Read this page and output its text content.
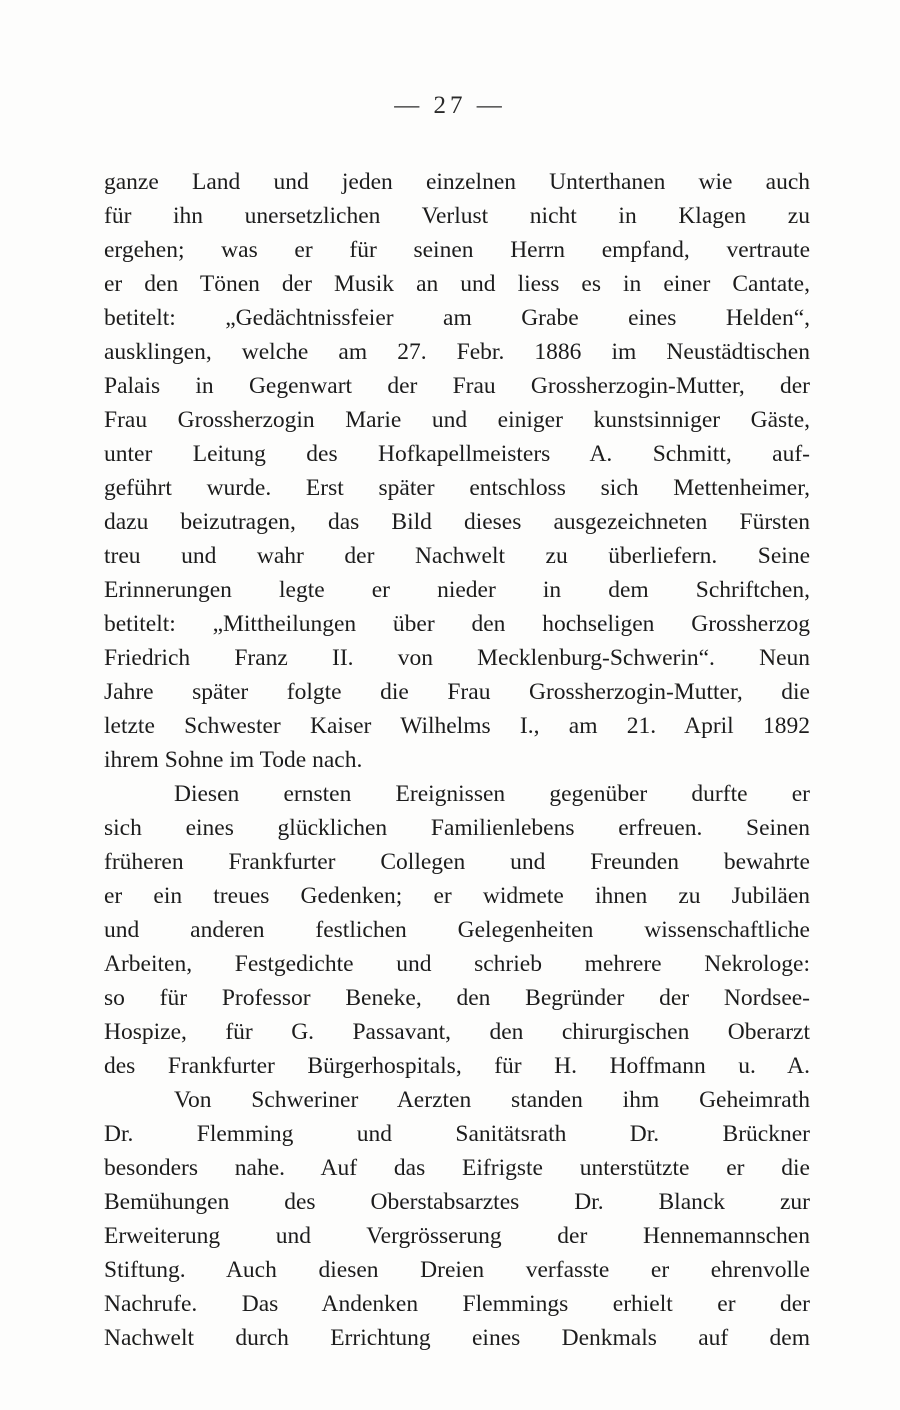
— 27 —
ganze Land und jeden einzelnen Unterthanen wie auch
für ihn unersetzlichen Verlust nicht in Klagen zu
ergehen; was er für seinen Herrn empfand, vertraute
er den Tönen der Musik an und liess es in einer Cantate,
betitelt: „Gedächtnissfeier am Grabe eines Helden“,
ausklingen, welche am 27. Febr. 1886 im Neustädtischen
Palais in Gegenwart der Frau Grossherzogin-Mutter, der
Frau Grossherzogin Marie und einiger kunstsinniger Gäste,
unter Leitung des Hofkapellmeisters A. Schmitt, auf-
geführt wurde. Erst später entschloss sich Mettenheimer,
dazu beizutragen, das Bild dieses ausgezeichneten Fürsten
treu und wahr der Nachwelt zu überliefern. Seine
Erinnerungen legte er nieder in dem Schriftchen,
betitelt: „Mittheilungen über den hochseligen Grossherzog
Friedrich Franz II. von Mecklenburg-Schwerin“. Neun
Jahre später folgte die Frau Grossherzogin-Mutter, die
letzte Schwester Kaiser Wilhelms I., am 21. April 1892
ihrem Sohne im Tode nach.
Diesen ernsten Ereignissen gegenüber durfte er
sich eines glücklichen Familienlebens erfreuen. Seinen
früheren Frankfurter Collegen und Freunden bewahrte
er ein treues Gedenken; er widmete ihnen zu Jubiläen
und anderen festlichen Gelegenheiten wissenschaftliche
Arbeiten, Festgedichte und schrieb mehrere Nekrologe:
so für Professor Beneke, den Begründer der Nordsee-
Hospize, für G. Passavant, den chirurgischen Oberarzt
des Frankfurter Bürgerhospitals, für H. Hoffmann u. A.
Von Schweriner Aerzten standen ihm Geheimrath
Dr. Flemming und Sanitätsrath Dr. Brückner
besonders nahe. Auf das Eifrigste unterstützte er die
Bemühungen des Oberstabsarztes Dr. Blanck zur
Erweiterung und Vergrösserung der Hennemannschen
Stiftung. Auch diesen Dreien verfasste er ehrenvolle
Nachrufe. Das Andenken Flemmings erhielt er der
Nachwelt durch Errichtung eines Denkmals auf dem
